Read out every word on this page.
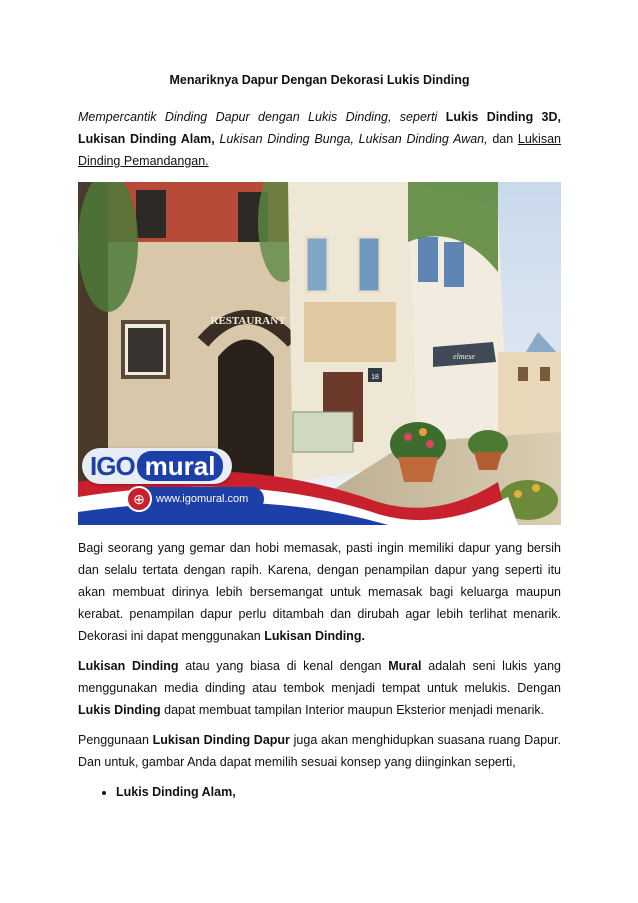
Menariknya Dapur Dengan Dekorasi Lukis Dinding

Mempercantik Dinding Dapur dengan Lukis Dinding, seperti Lukis Dinding 3D, Lukisan Dinding Alam, Lukisan Dinding Bunga, Lukisan Dinding Awan, dan Lukisan Dinding Pemandangan.

RESTAURANT
18
elmese
IGO mural
www.igomural.com
⊕

Bagi seorang yang gemar dan hobi memasak, pasti ingin memiliki dapur yang bersih dan selalu tertata dengan rapih. Karena, dengan penampilan dapur yang seperti itu akan membuat dirinya lebih bersemangat untuk memasak bagi keluarga maupun kerabat. penampilan dapur perlu ditambah dan dirubah agar lebih terlihat menarik. Dekorasi ini dapat menggunakan Lukisan Dinding.

Lukisan Dinding atau yang biasa di kenal dengan Mural adalah seni lukis yang menggunakan media dinding atau tembok menjadi tempat untuk melukis. Dengan Lukis Dinding dapat membuat tampilan Interior maupun Eksterior menjadi menarik.

Penggunaan Lukisan Dinding Dapur juga akan menghidupkan suasana ruang Dapur. Dan untuk, gambar Anda dapat memilih sesuai konsep yang diinginkan seperti,

• Lukis Dinding Alam,
